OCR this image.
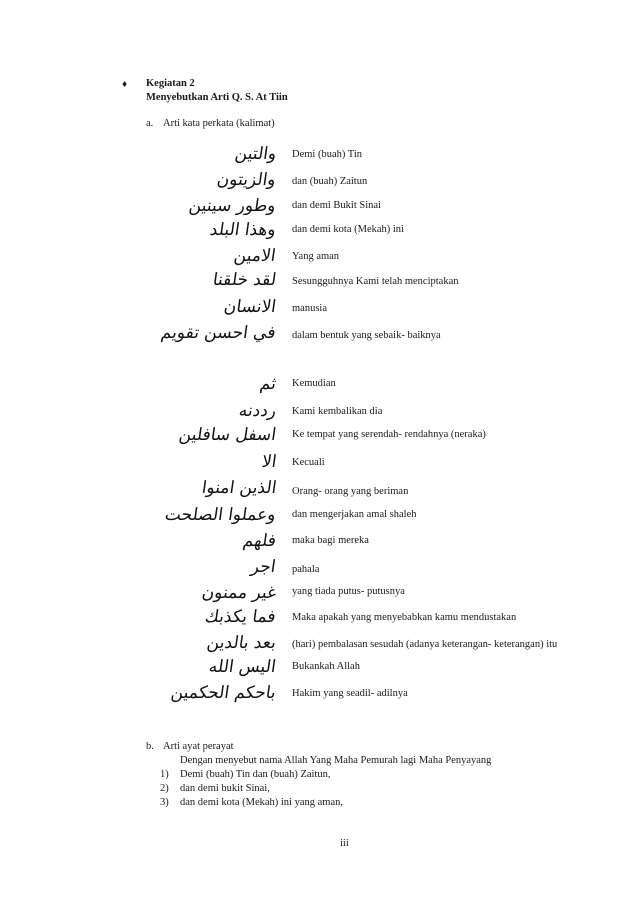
♦ Kegiatan 2
Menyebutkan Arti Q. S. At Tiin
a. Arti kata perkata (kalimat)
والتين Demi (buah) Tin
والزيتون dan (buah) Zaitun
وطور سينين dan demi Bukit Sinai
وهذا البلد dan demi kota (Mekah) ini
الامين Yang aman
لقد خلقنا Sesungguhnya Kami telah menciptakan
الانسان manusia
في احسن تقويم dalam bentuk yang sebaik- baiknya
ثم Kemudian
رددنه Kami kembalikan dia
اسفل سافلين Ke tempat yang serendah- rendahnya (neraka)
الا Kecuali
الذين امنوا Orang- orang yang beriman
وعملوا الصلحت dan mengerjakan amal shaleh
فلهم maka bagi mereka
اجر pahala
غير ممنون yang tiada putus- putusnya
فما يكذبك Maka apakah yang menyebabkan kamu mendustakan
بعد بالدين (hari) pembalasan sesudah (adanya keterangan- keterangan) itu
اليس الله Bukankah Allah
باحكم الحكمين Hakim yang seadil- adilnya
b. Arti ayat perayat
Dengan menyebut nama Allah Yang Maha Pemurah lagi Maha Penyayang
1) Demi (buah) Tin dan (buah) Zaitun,
2) dan demi bukit Sinai,
3) dan demi kota (Mekah) ini yang aman,
iii
